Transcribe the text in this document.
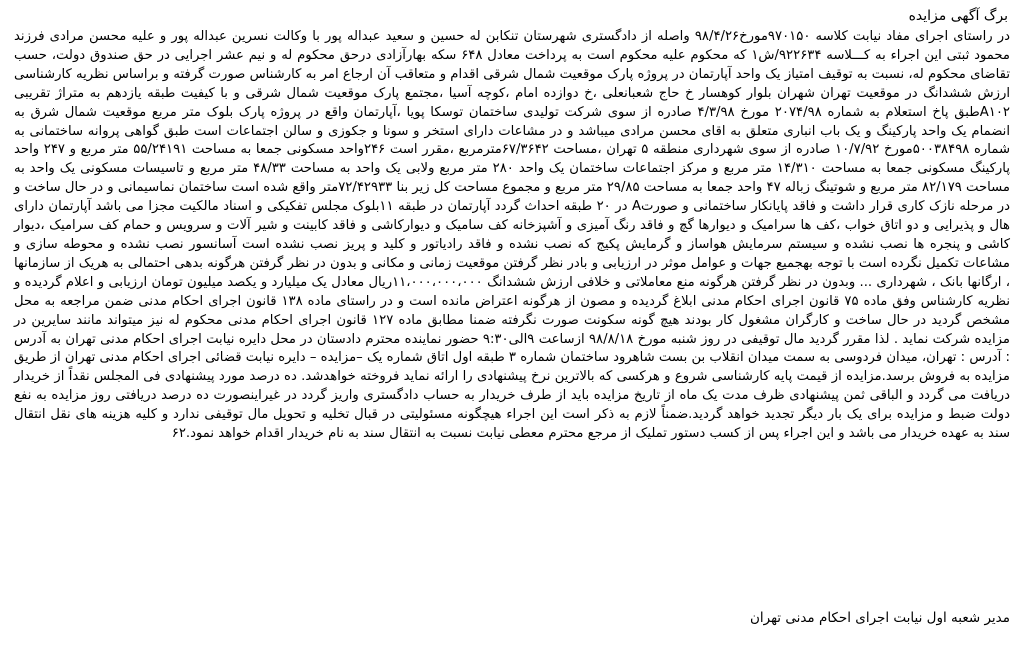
برگ آگهی مزایده

در راستای اجرای مفاد نیابت کلاسه ۹۷۰۱۵۰مورخ۹۸/۴/۲۶ واصله از دادگستری شهرستان تنکابن له حسین و سعید عبداله پور با وکالت نسرین عبداله پور و علیه محسن مرادی فرزند محمود ثبتی این اجراء به کـــلاسه ۹۲۲۶۳۴/ش۱ که محکوم علیه محکوم است به پرداخت معادل ۶۴۸ سکه بهارآزادی درحق محکوم له و نیم عشر اجرایی در حق صندوق دولت، حسب تقاضای محکوم له، نسبت به توقیف امتیاز یک واحد آپارتمان در پروژه پارک موقعیت شمال شرقی اقدام و متعاقب آن ارجاع امر به کارشناس صورت گرفته و براساس نظریه کارشناسی ارزش ششدانگ در موقعیت تهران شهران بلوار کوهسار خ حاج شعبانعلی ،خ دوازده امام ،کوچه آسیا ،مجتمع پارک موقعیت شمال شرقی و با کیفیت طبقه یازدهم به متراژ تقریبی A۱۰۲طبق پاخ استعلام به شماره ۲۰۷۴/۹۸ مورخ ۴/۳/۹۸ صادره از سوی شرکت تولیدی ساختمان توسکا پویا ،آپارتمان واقع در پروژه پارک بلوک متر مربع موقعیت شمال شرق به انضمام یک واحد پارکینگ و یک باب انباری متعلق به اقای محسن مرادی میباشد و در مشاعات دارای استخر و سونا و جکوزی و سالن اجتماعات است طبق گواهی پروانه ساختمانی به شماره ۵۰۰۳۸۴۹۸مورخ ۱۰/۷/۹۲ صادره از سوی شهرداری منطقه ۵ تهران ،مساحت ۶۷/۳۶۴۲مترمربع ،مقرر است ۲۴۶واحد مسکونی جمعا به مساحت ۵۵/۲۴۱۹۱ متر مربع و ۲۴۷ واحد پارکینگ مسکونی جمعا به مساحت ۱۴/۳۱۰ متر مربع و مرکز اجتماعات ساختمان یک واحد ۲۸۰ متر مربع ولابی یک واحد به مساحت ۴۸/۳۳ متر مربع و تاسیسات مسکونی یک واحد به مساحت ۸۲/۱۷۹ متر مربع و شوتینگ زباله ۴۷ واحد جمعا به مساحت ۲۹/۸۵ متر مربع و مجموع مساحت کل زیر بنا ۷۲/۴۲۹۳۳متر واقع شده است ساختمان نماسیمانی و در حال ساخت و در مرحله نازک کاری قرار داشت و فاقد پایانکار ساختمانی و صورتA در ۲۰ طبقه احداث گردد آپارتمان در طبقه ۱۱بلوک مجلس تفکیکی و اسناد مالکیت مجزا می باشد آپارتمان دارای هال و پذیرایی و دو اتاق خواب ،کف ها سرامیک و دیوارها گچ و فاقد رنگ آمیزی و آشپزخانه کف سامیک و دیوارکاشی و فاقد کابینت و شیر آلات و سرویس و حمام کف سرامیک ،دیوار کاشی و پنجره ها نصب نشده و سیستم سرمایش هواساز و گرمایش پکیج که نصب نشده و فاقد رادیاتور و کلید و پریز نصب نشده است آسانسور نصب نشده و محوطه سازی و مشاعات تکمیل نگرده است با توجه بهجمیع جهات و عوامل موثر در ارزیابی و بادر نظر گرفتن موقعیت زمانی و مکانی و بدون در نظر گرفتن هرگونه بدهی احتمالی به هریک از سازمانها ، ارگانها بانک ، شهرداری ... وبدون در نظر گرفتن هرگونه منع معاملاتی و خلافی ارزش ششدانگ ۱۱،۰۰۰،۰۰۰،۰۰۰ریال معادل یک میلیارد و یکصد میلیون تومان ارزیابی و اعلام گردیده و نظریه کارشناس وفق ماده ۷۵ قانون اجرای احکام مدنی ابلاغ گردیده و مصون از هرگونه اعتراض مانده است و در راستای ماده ۱۳۸ قانون اجرای احکام مدنی ضمن مراجعه به محل مشخص گردید در حال ساخت و کارگران مشغول کار بودند هیچ گونه سکونت صورت نگرفته ضمنا مطابق ماده ۱۲۷ قانون اجرای احکام مدنی محکوم له نیز میتواند مانند سایرین در مزایده شرکت نماید . لذا مقرر گردید مال توقیفی در روز شنبه مورخ ۹۸/۸/۱۸ ازساعت ۹الی۹:۳۰ حضور نماینده محترم دادستان در محل دایره نیابت اجرای احکام مدنی تهران به آدرس : آدرس : تهران، میدان فردوسی به سمت میدان انقلاب بن بست شاهرود ساختمان شماره ۳ طبقه اول اتاق شماره یک –مزایده – دایره نیابت قضائی اجرای احکام مدنی تهران از طریق مزایده به فروش برسد.مزایده از قیمت پایه کارشناسی شروع و هرکسی که بالاترین نرخ پیشنهادی را ارائه نماید فروخته خواهدشد. ده درصد مورد پیشنهادی فی المجلس نقداً از خریدار دریافت می گردد و الباقی ثمن پیشنهادی ظرف مدت یک ماه از تاریخ مزایده باید از طرف خریدار به حساب دادگستری واریز گردد در غیراینصورت ده درصد دریافتی روز مزایده به نفع دولت ضبط و مزایده برای یک بار دیگر تجدید خواهد گردید.ضمناً لازم به ذکر است این اجراء هیچگونه مسئولیتی در قبال تخلیه و تحویل مال توقیفی ندارد و کلیه هزینه های نقل انتقال سند به عهده خریدار می باشد و این اجراء پس از کسب دستور تملیک از مرجع محترم معطی نیابت نسبت به انتقال سند به نام خریدار اقدام خواهد نمود.۶۲

مدیر شعبه اول نیابت اجرای احکام مدنی تهران
